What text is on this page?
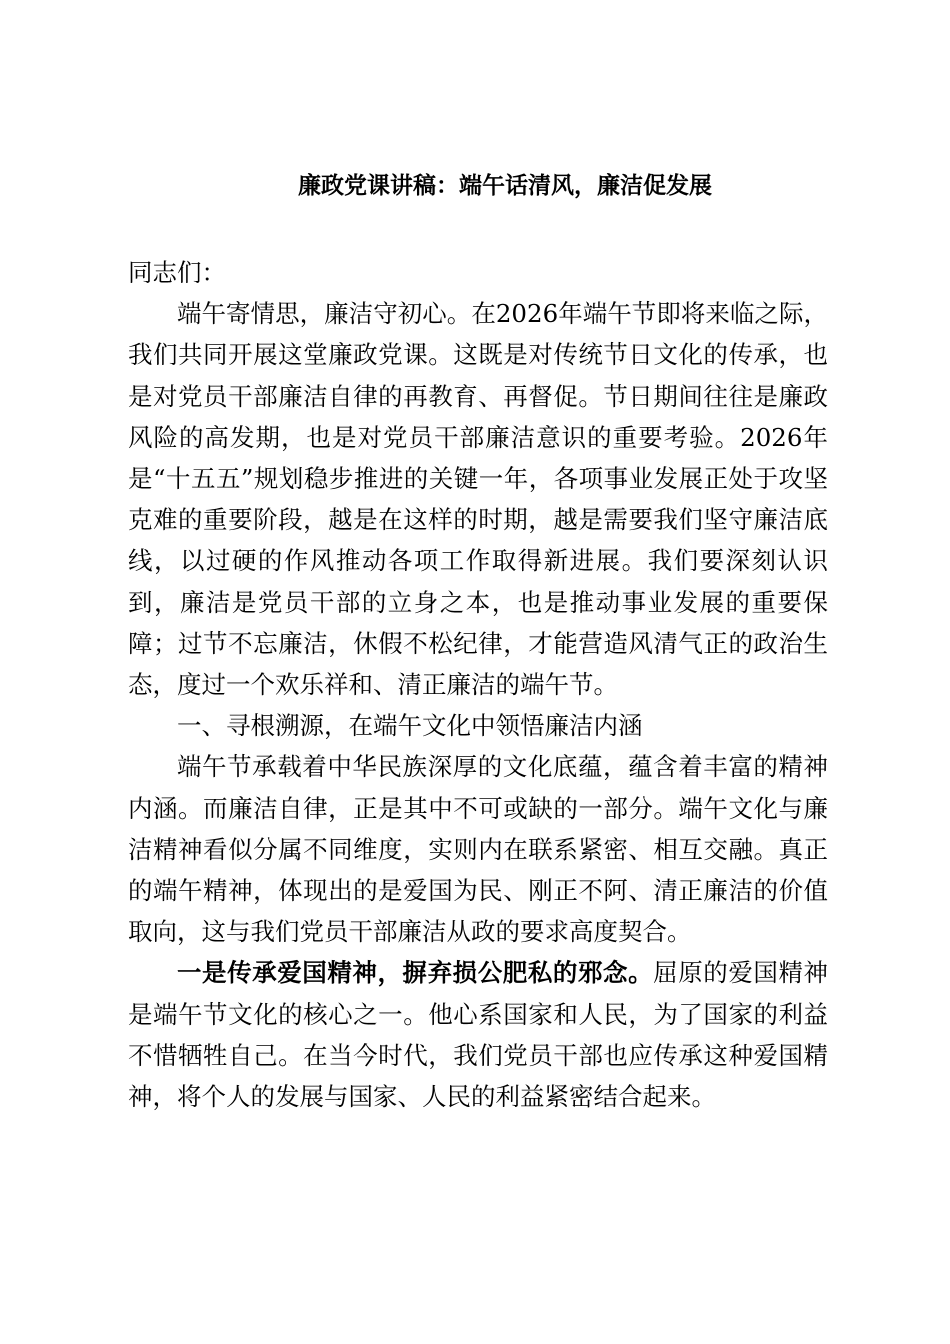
廉政党课讲稿：端午话清风，廉洁促发展

同志们：

端午寄情思，廉洁守初心。在2026年端午节即将来临之际，我们共同开展这堂廉政党课。这既是对传统节日文化的传承，也是对党员干部廉洁自律的再教育、再督促。节日期间往往是廉政风险的高发期，也是对党员干部廉洁意识的重要考验。2026年是“十五五”规划稳步推进的关键一年，各项事业发展正处于攻坚克难的重要阶段，越是在这样的时期，越是需要我们坚守廉洁底线，以过硬的作风推动各项工作取得新进展。我们要深刻认识到，廉洁是党员干部的立身之本，也是推动事业发展的重要保障；过节不忘廉洁，休假不松纪律，才能营造风清气正的政治生态，度过一个欢乐祥和、清正廉洁的端午节。

一、寻根溯源，在端午文化中领悟廉洁内涵

端午节承载着中华民族深厚的文化底蕴，蕴含着丰富的精神内涵。而廉洁自律，正是其中不可或缺的一部分。端午文化与廉洁精神看似分属不同维度，实则内在联系紧密、相互交融。真正的端午精神，体现出的是爱国为民、刚正不阿、清正廉洁的价值取向，这与我们党员干部廉洁从政的要求高度契合。

一是传承爱国精神，摒弃损公肥私的邪念。屈原的爱国精神是端午节文化的核心之一。他心系国家和人民，为了国家的利益不惜牺牲自己。在当今时代，我们党员干部也应传承这种爱国精神，将个人的发展与国家、人民的利益紧密结合起来。
